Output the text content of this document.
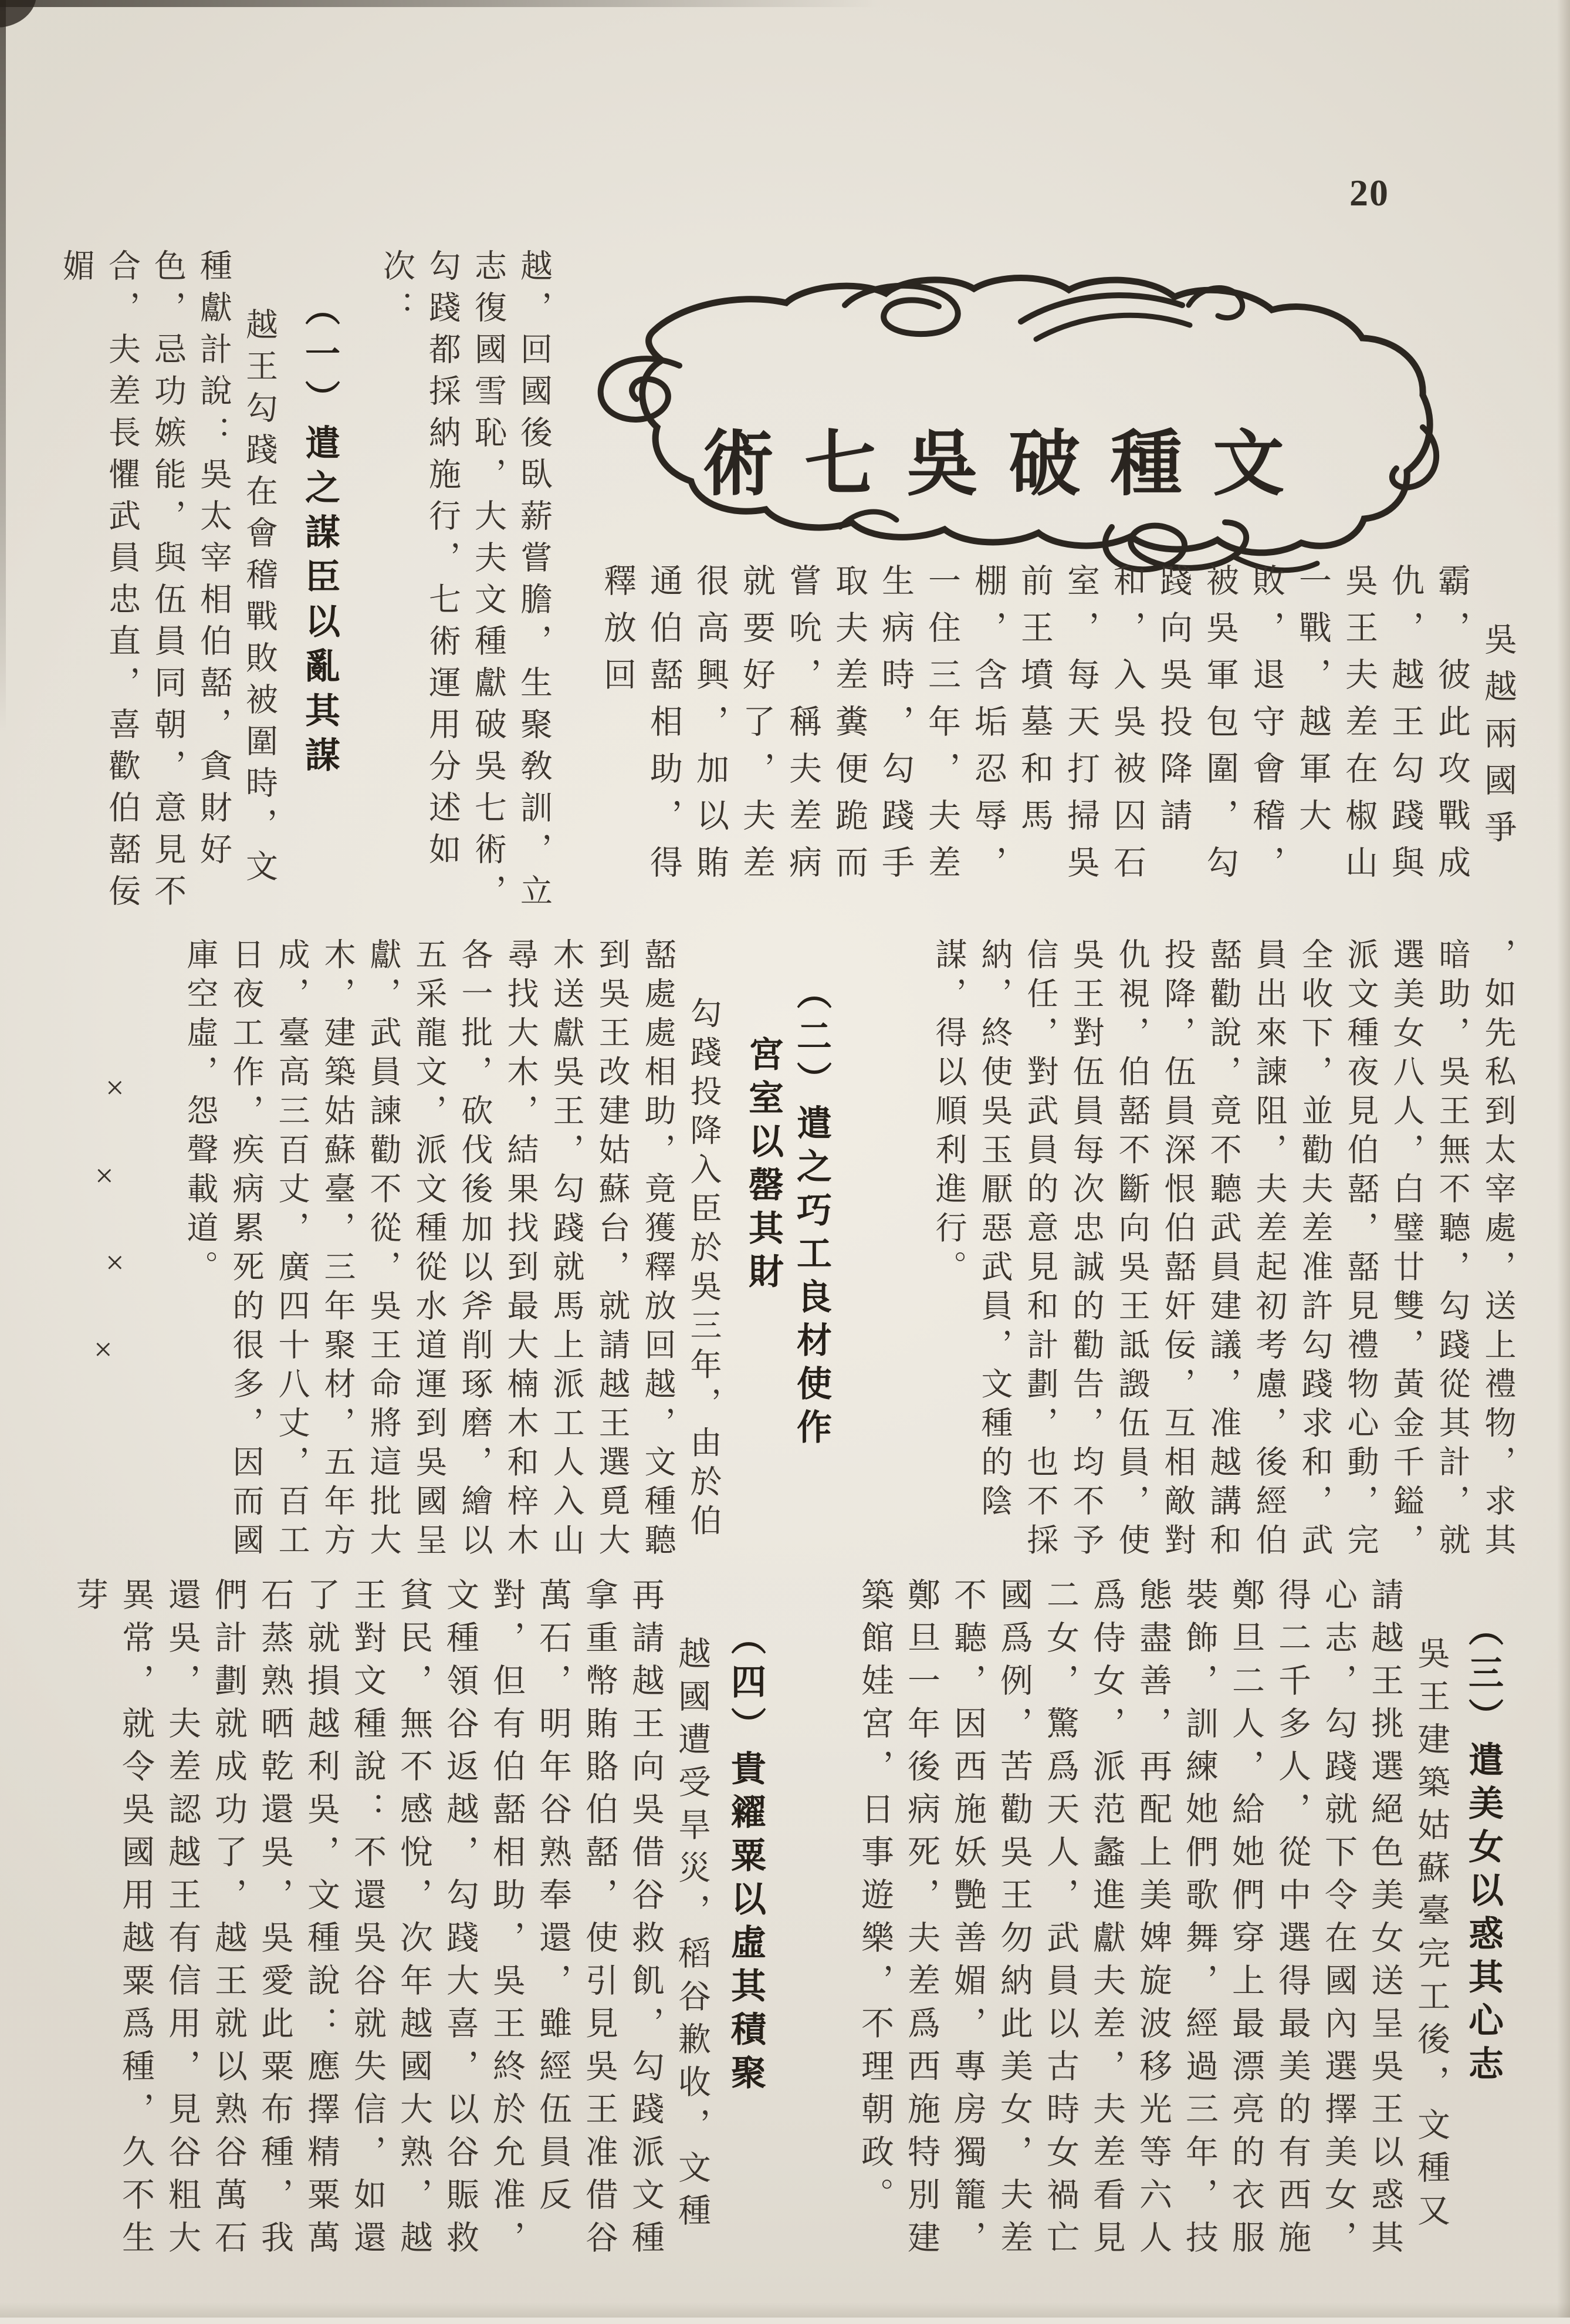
20
文種破吳七術
吳越兩國爭霸，彼此攻戰成仇，越王勾踐與吳王夫差在椒山一戰，越軍大敗，退守會稽，被吳軍包圍，勾踐向吳投降請和，入吳被囚石室，每天打掃吳前王墳墓和馬棚，含垢忍辱，一住三年，夫差生病時，勾踐手取夫差糞便跪而嘗吮，稱夫差病就要好了，夫差很高興，加以賄通伯嚭相助，得釋放回
越，回國後臥薪嘗膽，生聚敎訓，立志復國雪恥，大夫文種獻破吳七術，勾踐都採納施行，七術運用分述如次：
（一）遣之謀臣以亂其謀
越王勾踐在會稽戰敗被圍時，文種獻計說：吳太宰相伯嚭，貪財好色，忌功嫉能，與伍員同朝，意見不合，夫差長懼武員忠直，喜歡伯嚭佞媚
，如先私到太宰處，送上禮物，求其暗助，吳王無不聽，勾踐從其計，就選美女八人，白璧廿雙，黃金千鎰，派文種夜見伯嚭，嚭見禮物心動，完全收下，並勸夫差准許勾踐求和，武員出來諫阻，夫差起初考慮，後經伯嚭勸說，竟不聽武員建議，准越講和投降，伍員深恨伯嚭奸佞，互相敵對仇視，伯嚭不斷向吳王詆譭伍員，使吳王對伍員每次忠誠的勸告，均不予信任，對武員的意見和計劃，也不採納，終使吳玉厭惡武員，文種的陰謀，得以順利進行。
（二）遣之巧工良材使作
宮室以罄其財
勾踐投降入臣於吳三年，由於伯嚭處處相助，竟獲釋放回越，文種聽到吳王改建姑蘇台，就請越王選覓大木送獻吳王，勾踐就馬上派工人入山尋找大木，結果找到最大楠木和梓木各一批，砍伐後加以斧削琢磨，繪以五采龍文，派文種從水道運到吳國呈獻，武員諫勸不從，吳王命將這批大木，建築姑蘇臺，三年聚材，五年方成，臺高三百丈，廣四十八丈，百工日夜工作，疾病累死的很多，因而國庫空虛，怨聲載道。
×
×
×
×
（三）遣美女以惑其心志
吳王建築姑蘇臺完工後，文種又請越王挑選絕色美女送呈吳王以惑其心志，勾踐就下令在國內選擇美女，得二千多人，從中選得最美的有西施鄭旦二人，給她們穿上最漂亮的衣服裝飾，訓練她們歌舞，經過三年，技態盡善，再配上美婢旋波移光等六人爲侍女，派范蠡進獻夫差，夫差看見二女，驚爲天人，武員以古時女禍亡國爲例，苦勸吳王勿納此美女，夫差不聽，因西施妖艷善媚，專房獨籠，鄭旦一年後病死，夫差爲西施特別建築館娃宮，日事遊樂，不理朝政。
（四）貴糴粟以虛其積聚
越國遭受旱災，稻谷歉收，文種再請越王向吳借谷救飢，勾踐派文種拿重幣賄賂伯嚭，使引見吳王准借谷萬石，明年谷熟奉還，雖經伍員反對，但有伯嚭相助，吳王終於允准，文種領谷返越，勾踐大喜，以谷賑救貧民，無不感悅，次年越國大熟，越王對文種說：不還吳谷就失信，如還了就損越利吳，文種說：應擇精粟萬石蒸熟晒乾還吳，吳愛此粟布種，我們計劃就成功了，越王就以熟谷萬石還吳，夫差認越王有信用，見谷粗大異常，就令吳國用越粟爲種，久不生芽
